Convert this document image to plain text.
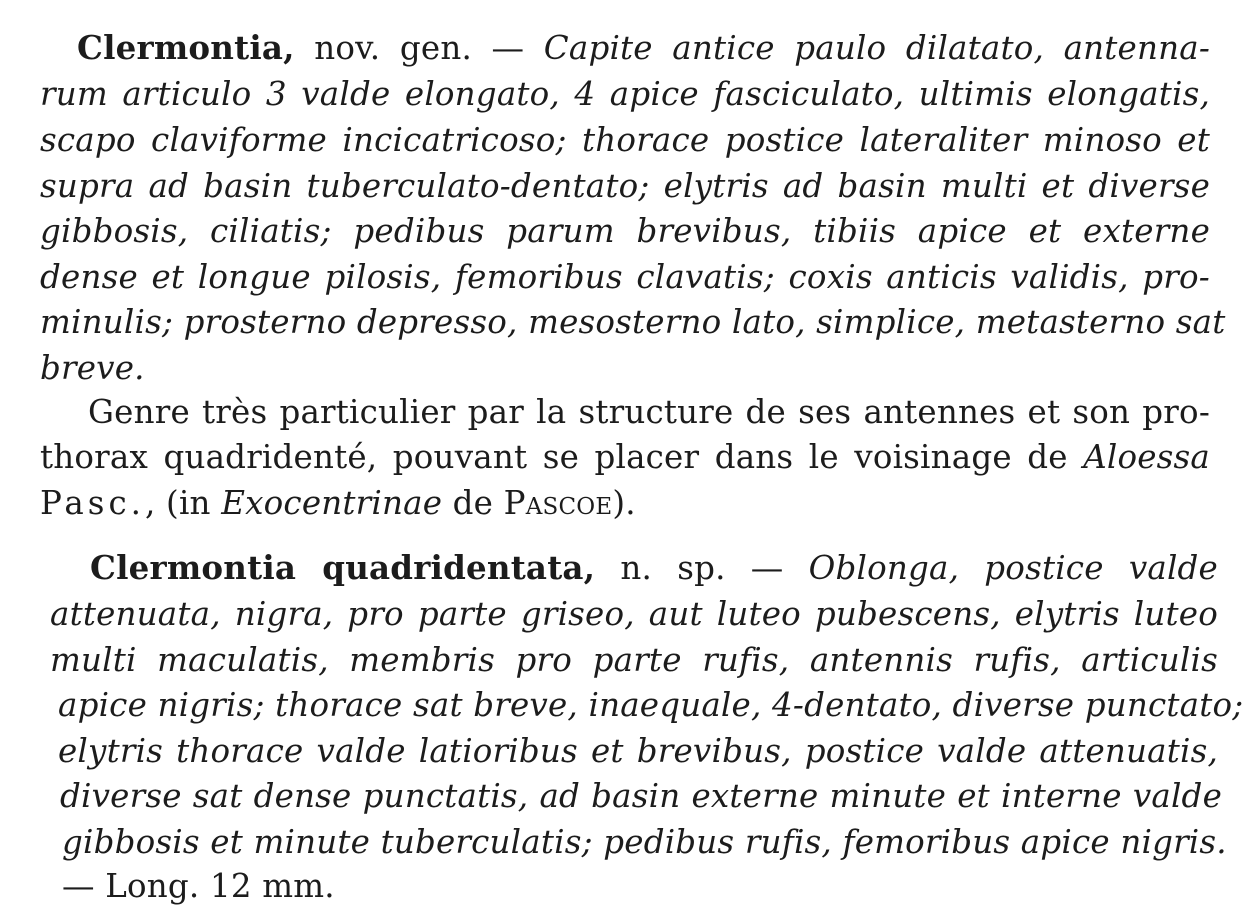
Clermontia, nov. gen. — Capite antice paulo dilatato, antenna-
rum articulo 3 valde elongato, 4 apice fasciculato, ultimis elongatis,
scapo claviforme incicatricoso; thorace postice lateraliter minoso et
supra ad basin tuberculato-dentato; elytris ad basin multi et diverse
gibbosis, ciliatis; pedibus parum brevibus, tibiis apice et externe
dense et longue pilosis, femoribus clavatis; coxis anticis validis, pro-
minulis; prosterno depresso, mesosterno lato, simplice, metasterno sat
breve.
Genre très particulier par la structure de ses antennes et son pro-
thorax quadridenté, pouvant se placer dans le voisinage de Aloessa
Pasc., (in Exocentrinae de Pascoe).
Clermontia quadridentata, n. sp. — Oblonga, postice valde
attenuata, nigra, pro parte griseo, aut luteo pubescens, elytris luteo
multi maculatis, membris pro parte rufis, antennis rufis, articulis
apice nigris; thorace sat breve, inaequale, 4-dentato, diverse punctato;
elytris thorace valde latioribus et brevibus, postice valde attenuatis,
diverse sat dense punctatis, ad basin externe minute et interne valde
gibbosis et minute tuberculatis; pedibus rufis, femoribus apice nigris.
— Long. 12 mm.
